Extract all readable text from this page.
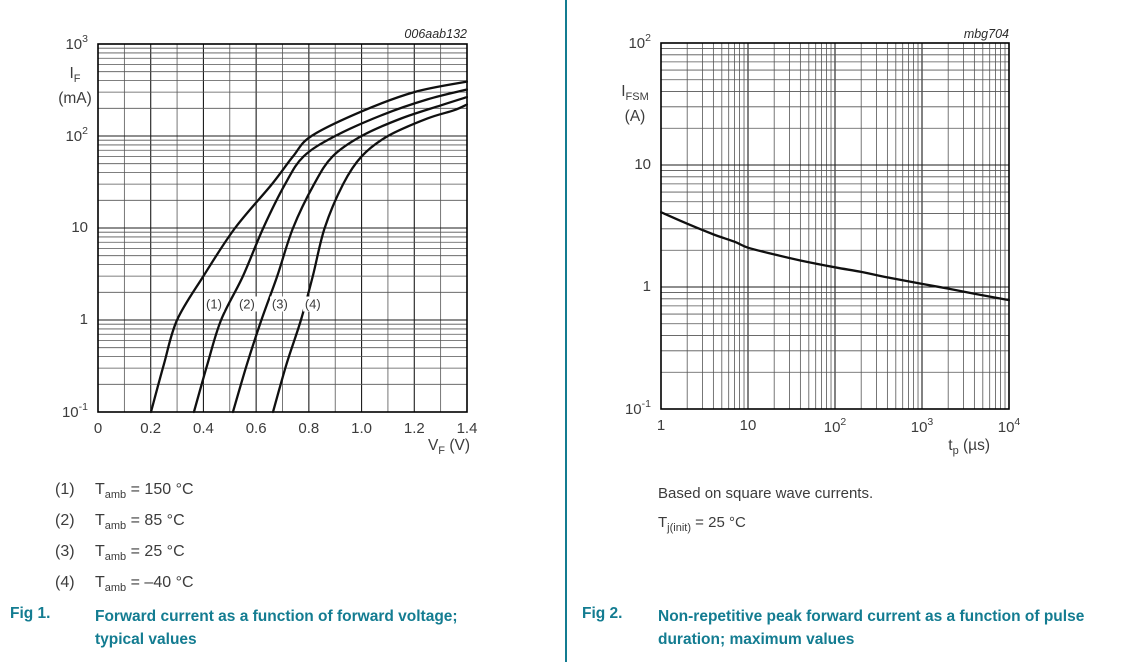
006aab132
$I_F$
(mA)
$V_F$ (V)
(1)	$T_{amb} = 150$ °C
(2)	$T_{amb} = 85$ °C
(3)	$T_{amb} = 25$ °C
(4)	$T_{amb} = -40$ °C
Fig 1.	Forward current as a function of forward voltage; typical values
mbg704
$I_{FSM}$
(A)
$t_p$ (µs)
Based on square wave currents.
$T_{j(init)} = 25$ °C
Fig 2. Non-repetitive peak forward current as a function of pulse duration; maximum values
$10^3$
$10^2$
10
1
$10^{-1}$
0	0.2 0.4 0.6 0.8 1.0 1.2 1.4
(1) (2) (3) (4)
$10^2$
10
1
$10^{-1}$
1	10	$10^2$	$10^3$	$10^4$
